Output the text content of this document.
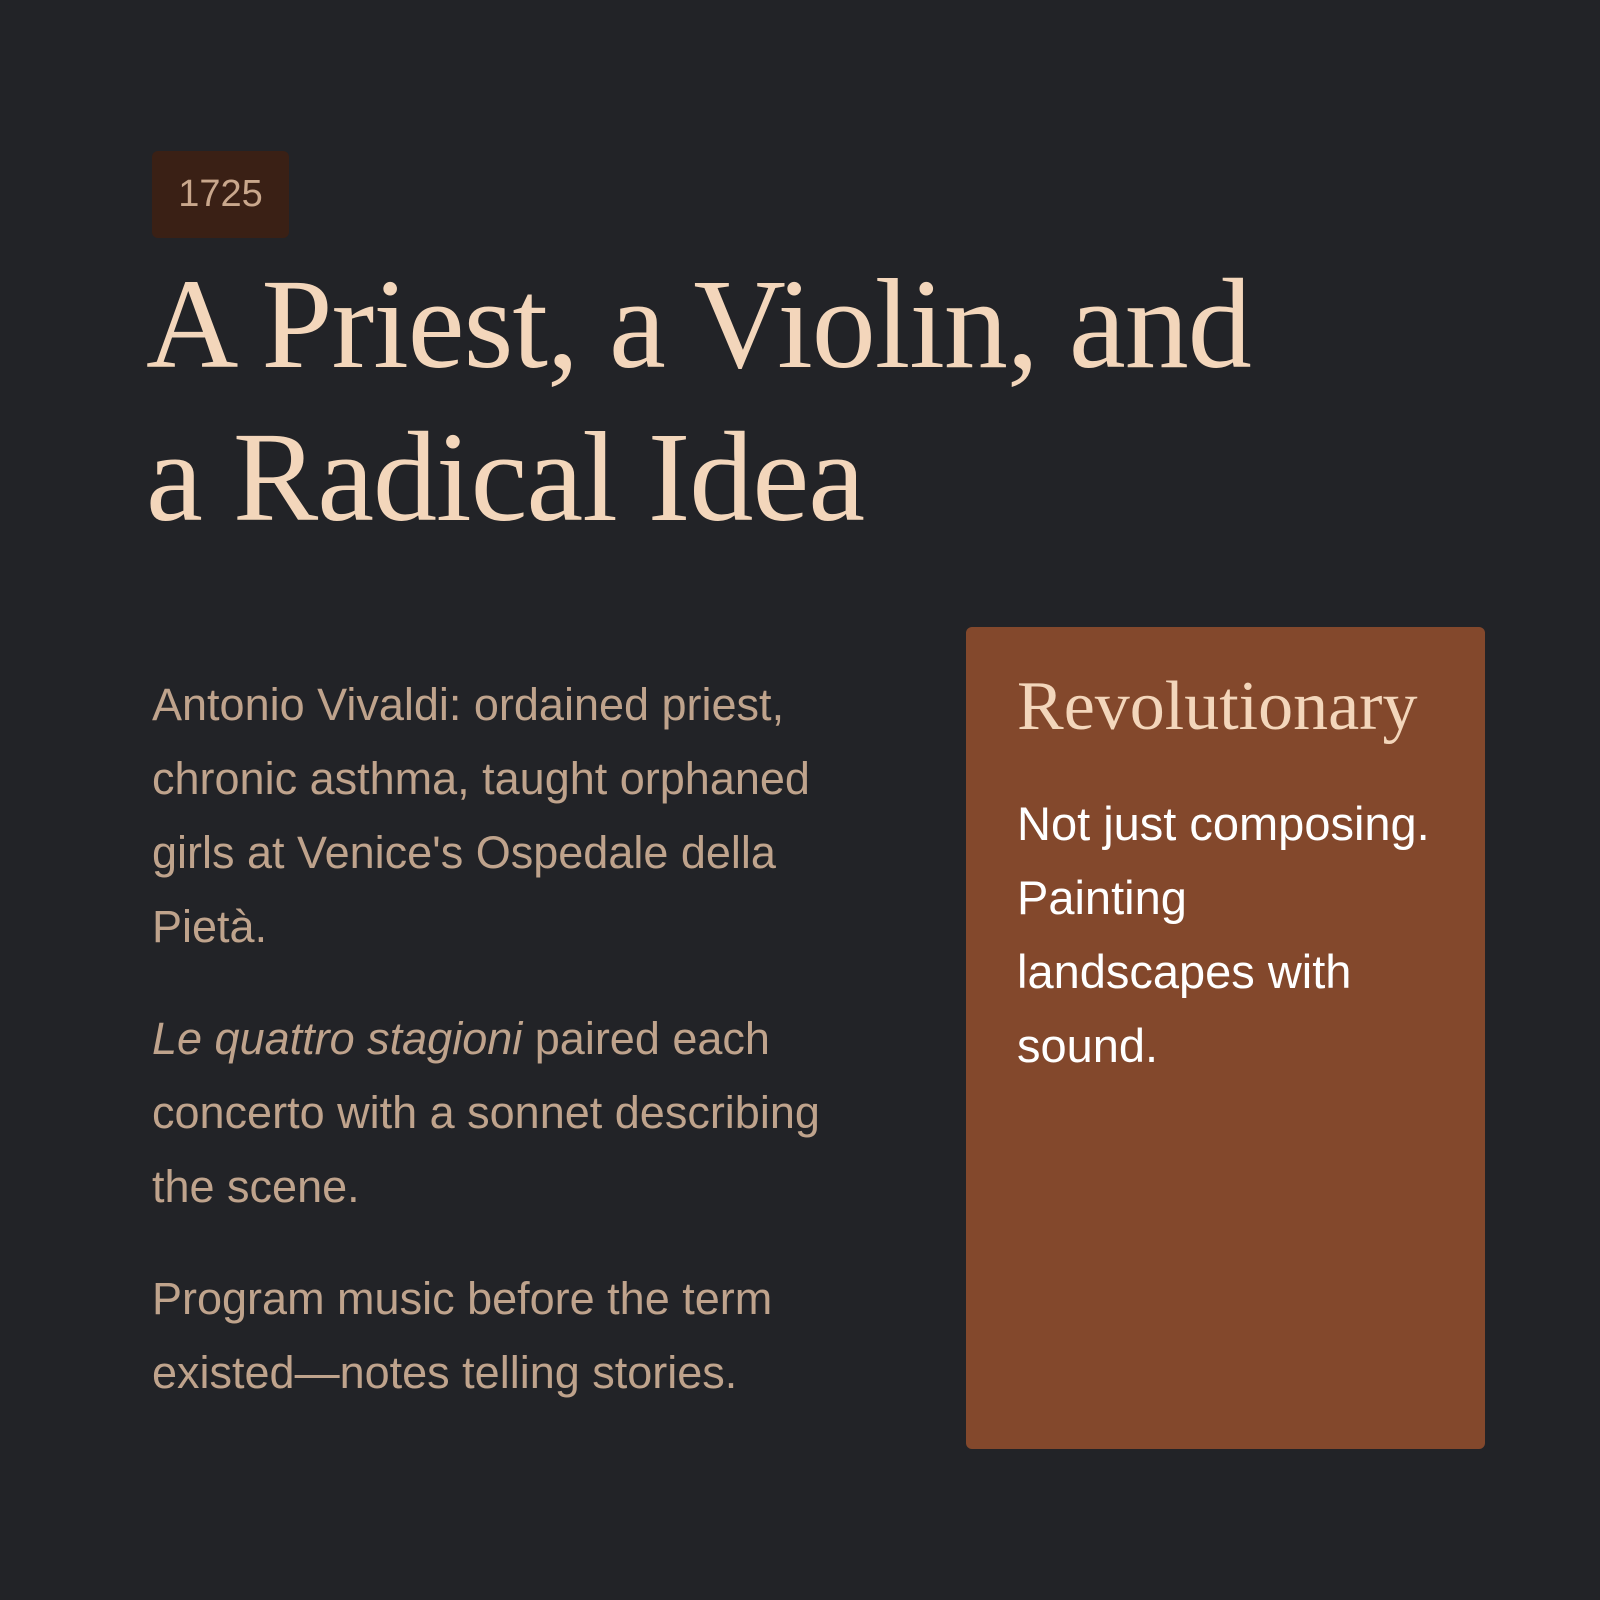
1725
A Priest, a Violin, and
a Radical Idea

Antonio Vivaldi: ordained priest, chronic asthma, taught orphaned girls at Venice's Ospedale della Pietà.

Le quattro stagioni paired each concerto with a sonnet describing the scene.

Program music before the term existed—notes telling stories.

Revolutionary

Not just composing. Painting landscapes with sound.
